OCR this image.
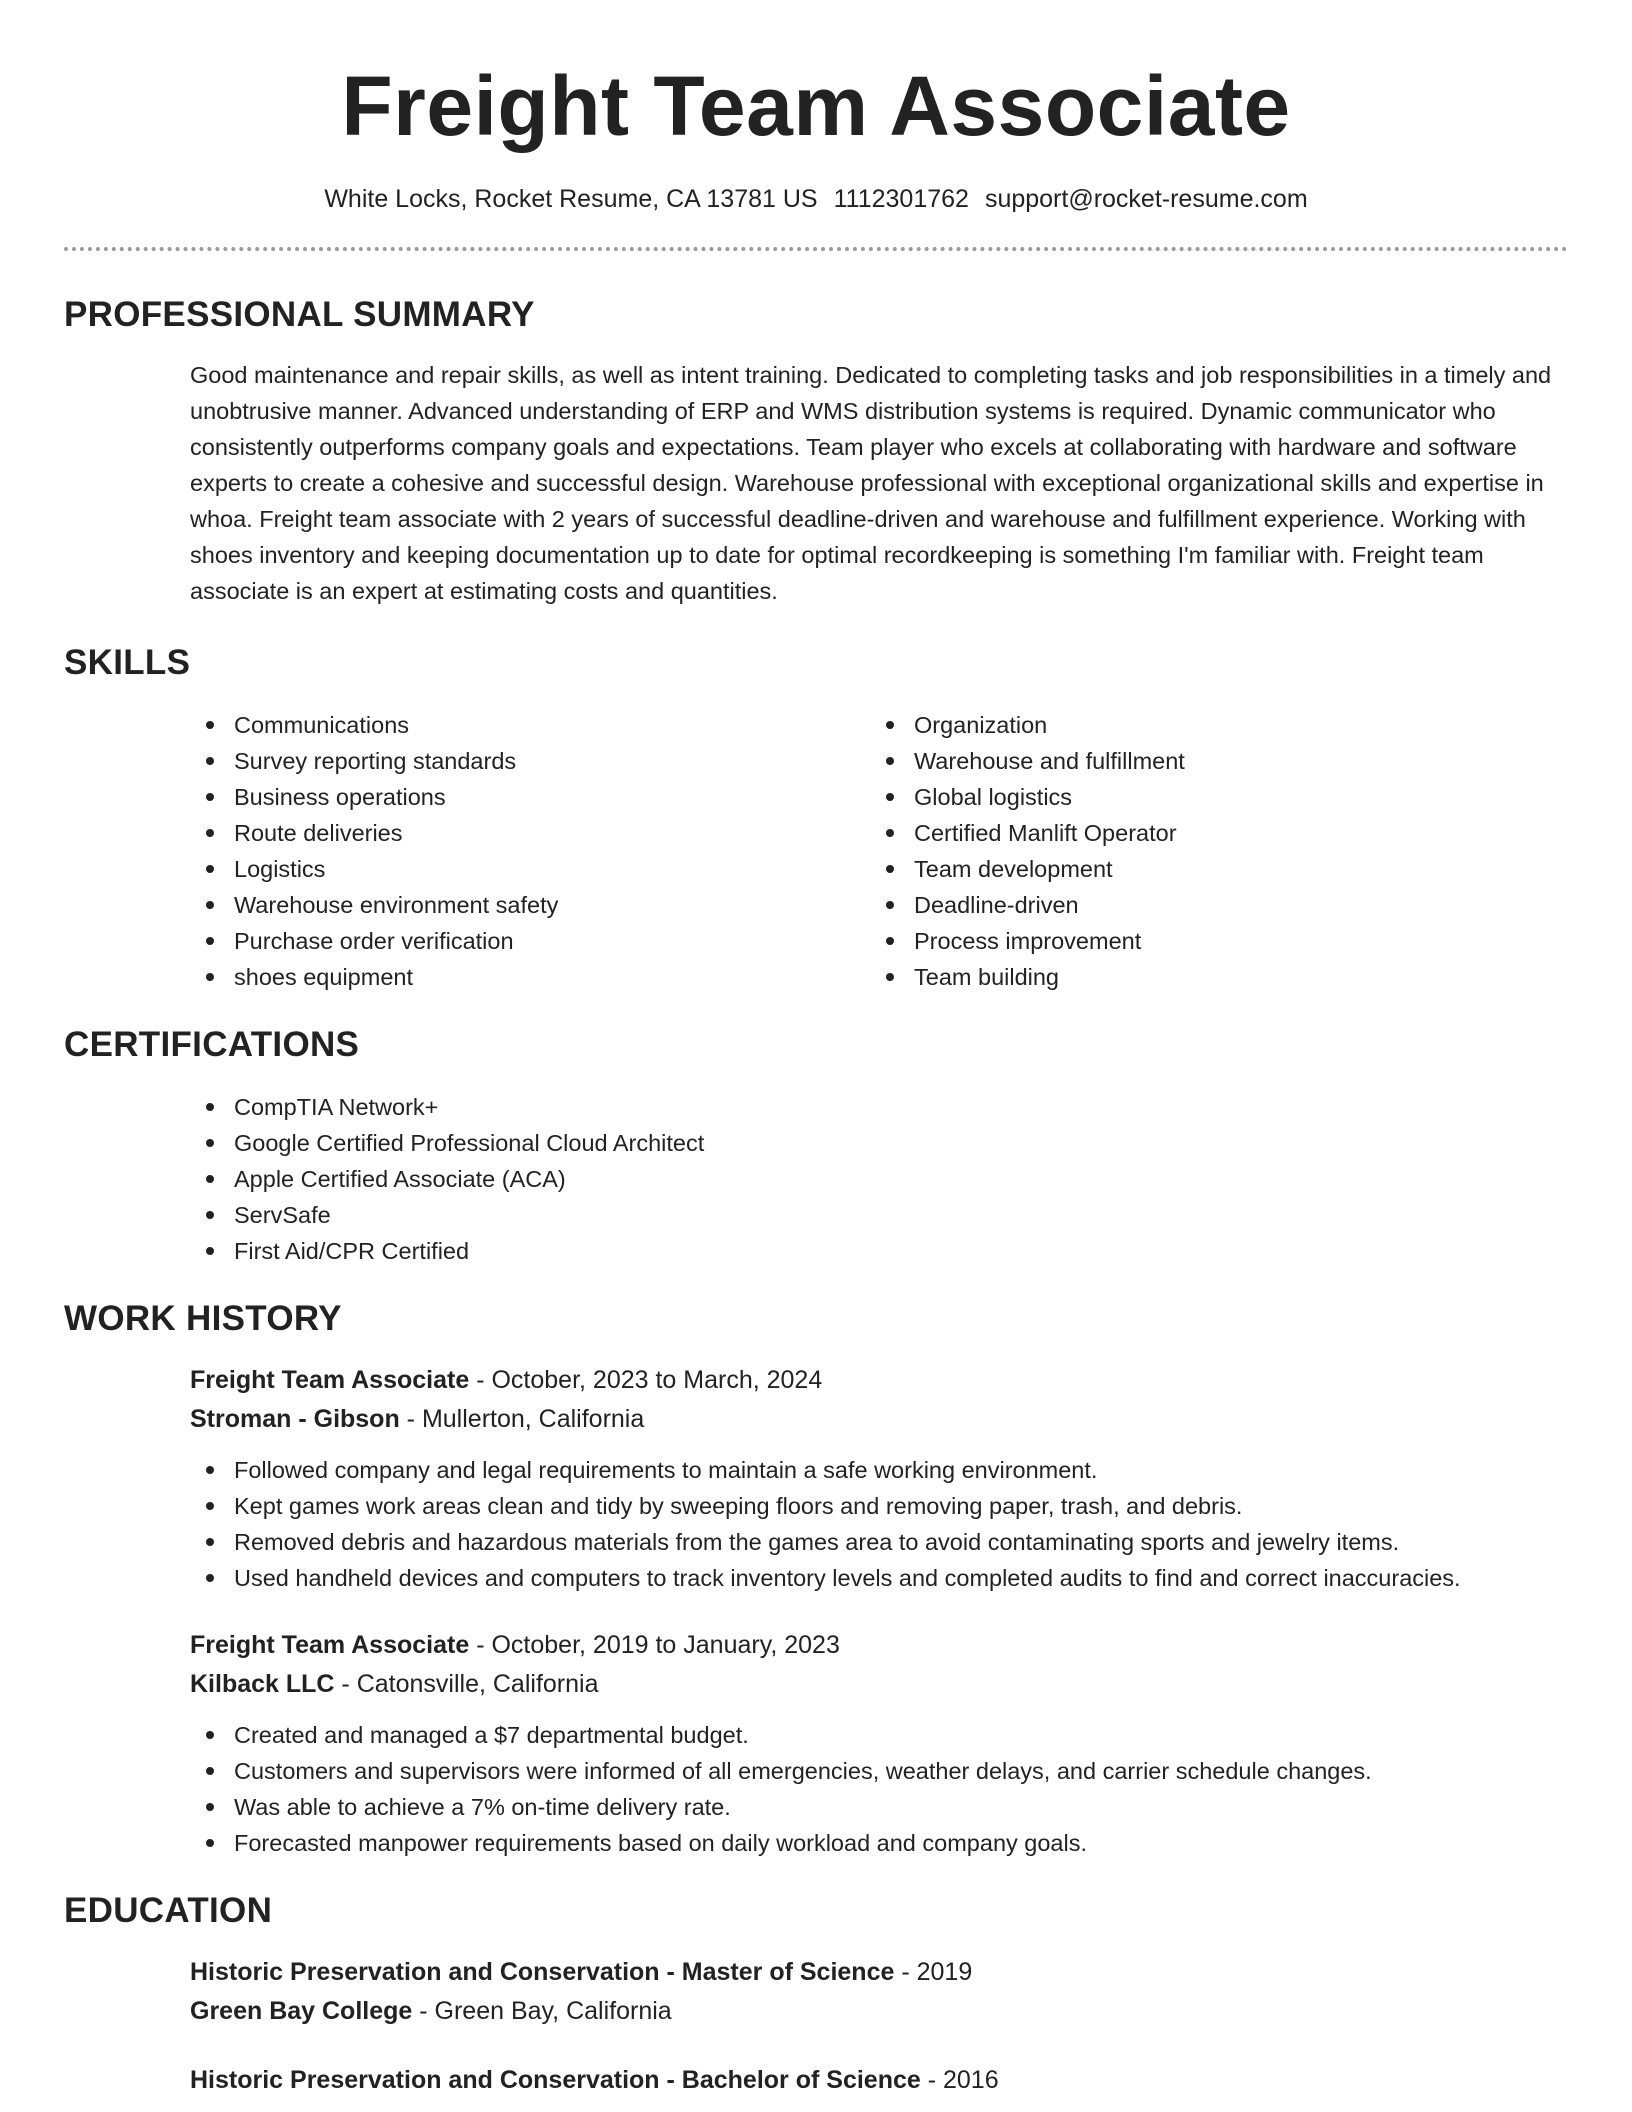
Freight Team Associate
White Locks, Rocket Resume, CA 13781 US 1112301762 support@rocket-resume.com
PROFESSIONAL SUMMARY

Good maintenance and repair skills, as well as intent training. Dedicated to completing tasks and job responsibilities in a timely and unobtrusive manner. Advanced understanding of ERP and WMS distribution systems is required. Dynamic communicator who consistently outperforms company goals and expectations. Team player who excels at collaborating with hardware and software experts to create a cohesive and successful design. Warehouse professional with exceptional organizational skills and expertise in whoa. Freight team associate with 2 years of successful deadline-driven and warehouse and fulfillment experience. Working with shoes inventory and keeping documentation up to date for optimal recordkeeping is something I'm familiar with. Freight team associate is an expert at estimating costs and quantities.

SKILLS
Communications
Survey reporting standards
Business operations
Route deliveries
Logistics
Warehouse environment safety
Purchase order verification
shoes equipment
Organization
Warehouse and fulfillment
Global logistics
Certified Manlift Operator
Team development
Deadline-driven
Process improvement
Team building
CERTIFICATIONS
CompTIA Network+
Google Certified Professional Cloud Architect
Apple Certified Associate (ACA)
ServSafe
First Aid/CPR Certified
WORK HISTORY
Freight Team Associate - October, 2023 to March, 2024
Stroman - Gibson - Mullerton, California
Followed company and legal requirements to maintain a safe working environment.
Kept games work areas clean and tidy by sweeping floors and removing paper, trash, and debris.
Removed debris and hazardous materials from the games area to avoid contaminating sports and jewelry items.
Used handheld devices and computers to track inventory levels and completed audits to find and correct inaccuracies.
Freight Team Associate - October, 2019 to January, 2023
Kilback LLC - Catonsville, California
Created and managed a $7 departmental budget.
Customers and supervisors were informed of all emergencies, weather delays, and carrier schedule changes.
Was able to achieve a 7% on-time delivery rate.
Forecasted manpower requirements based on daily workload and company goals.
EDUCATION
Historic Preservation and Conservation - Master of Science - 2019
Green Bay College - Green Bay, California
Historic Preservation and Conservation - Bachelor of Science - 2016
